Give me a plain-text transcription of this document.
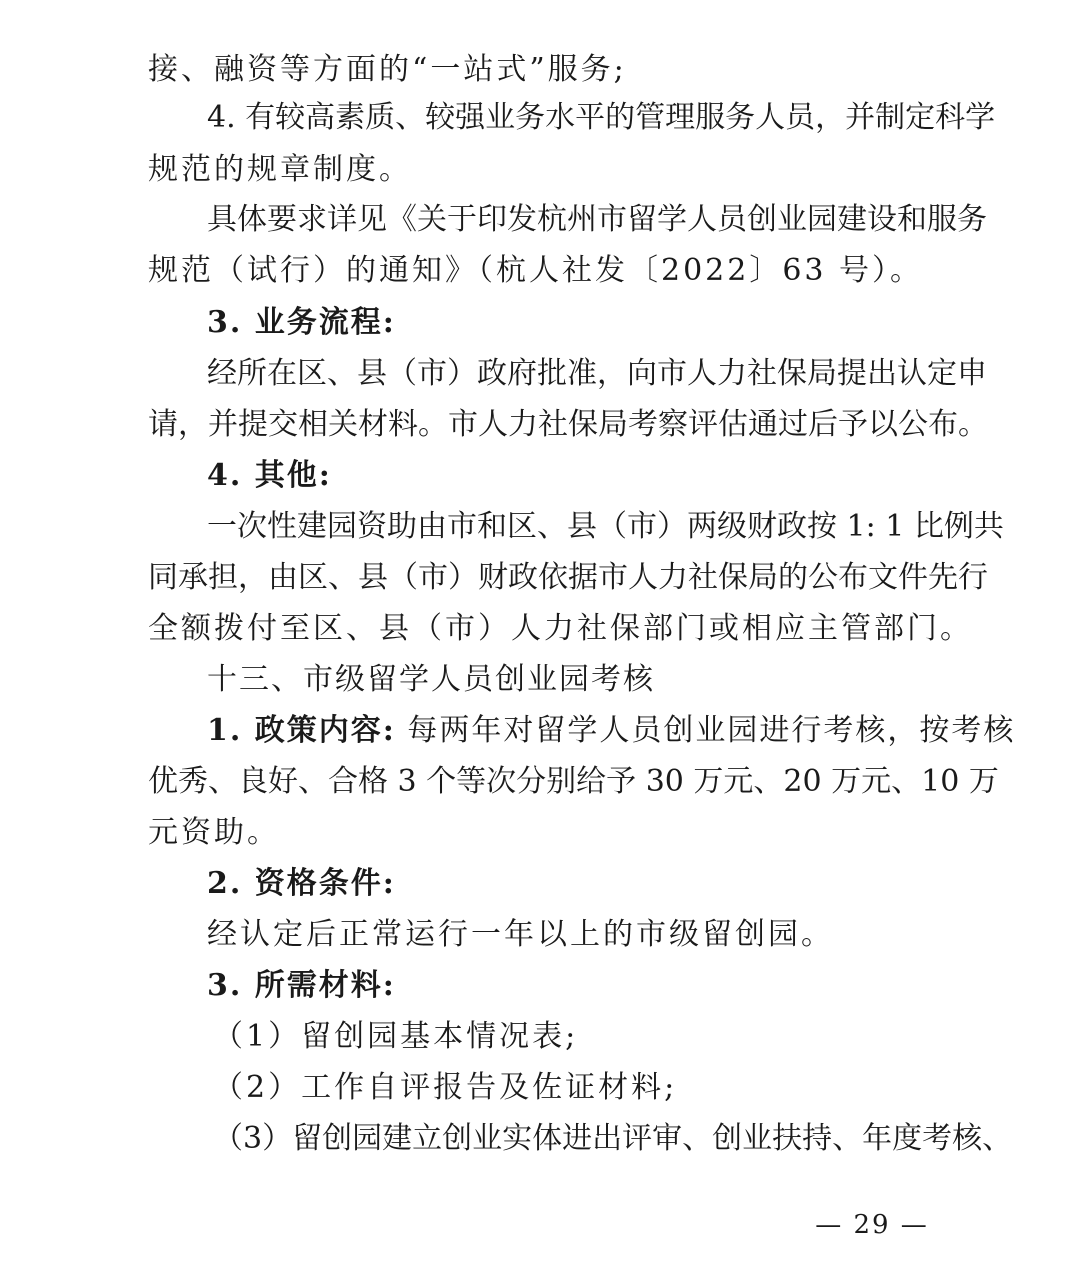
接、融资等方面的“一站式”服务;
4. 有较高素质、较强业务水平的管理服务人员，并制定科学
规范的规章制度。
具体要求详见《关于印发杭州市留学人员创业园建设和服务
规范（试行）的通知》（杭人社发〔2022〕63 号）。
3. 业务流程:
经所在区、县（市）政府批准，向市人力社保局提出认定申
请，并提交相关材料。市人力社保局考察评估通过后予以公布。
4. 其他:
一次性建园资助由市和区、县（市）两级财政按 1: 1 比例共
同承担，由区、县（市）财政依据市人力社保局的公布文件先行
全额拨付至区、县（市）人力社保部门或相应主管部门。
十三、市级留学人员创业园考核
1. 政策内容: 每两年对留学人员创业园进行考核，按考核
优秀、良好、合格 3 个等次分别给予 30 万元、20 万元、10 万
元资助。
2. 资格条件:
经认定后正常运行一年以上的市级留创园。
3. 所需材料:
（1）留创园基本情况表;
（2）工作自评报告及佐证材料;
（3）留创园建立创业实体进出评审、创业扶持、年度考核、
— 29 —
